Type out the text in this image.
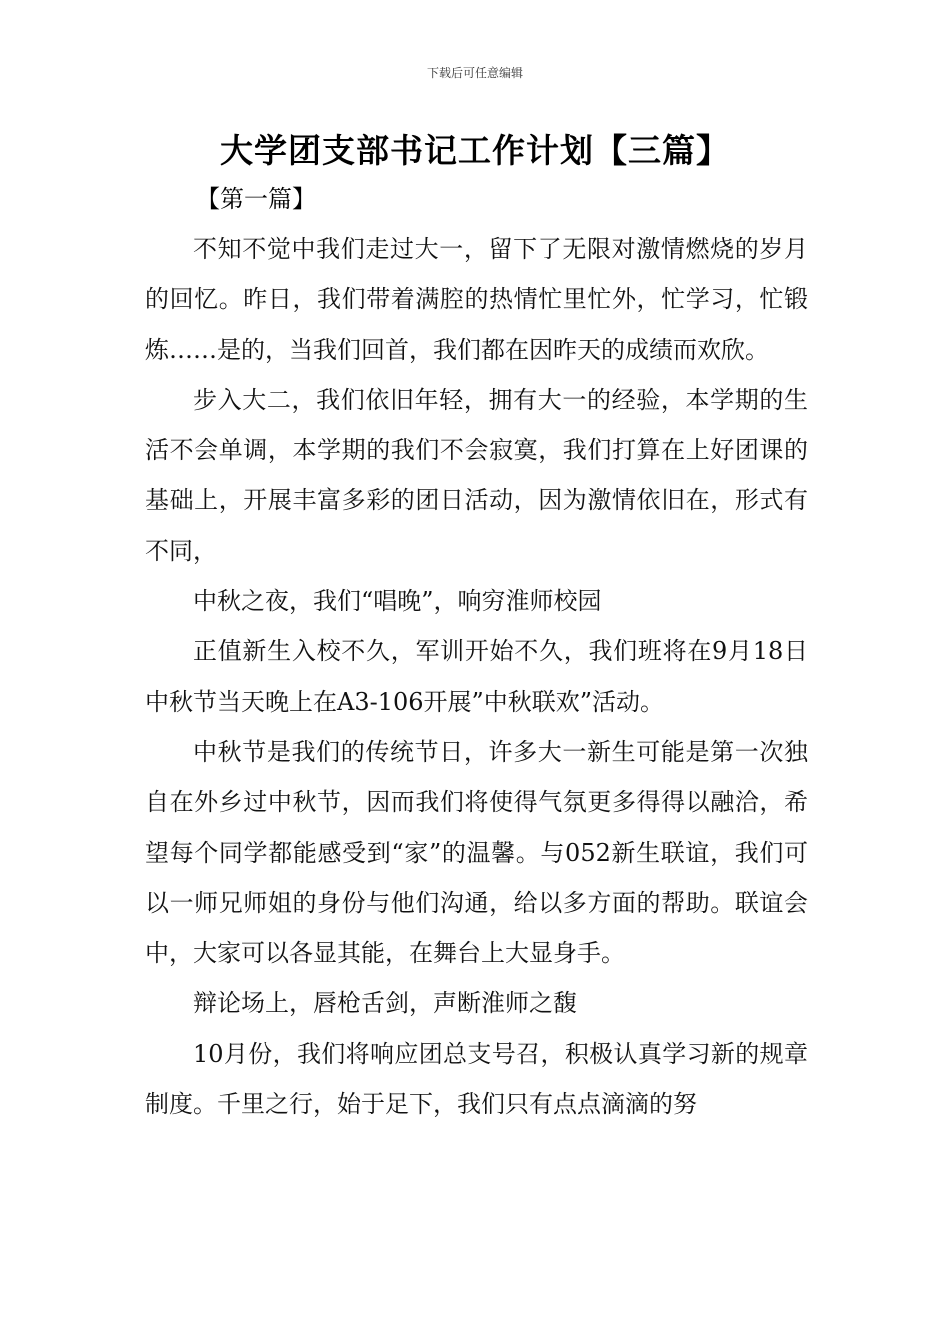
下载后可任意编辑
大学团支部书记工作计划【三篇】
【第一篇】

不知不觉中我们走过大一，留下了无限对激情燃烧的岁月的回忆。昨日，我们带着满腔的热情忙里忙外，忙学习，忙锻炼……是的，当我们回首，我们都在因昨天的成绩而欢欣。

步入大二，我们依旧年轻，拥有大一的经验，本学期的生活不会单调，本学期的我们不会寂寞，我们打算在上好团课的基础上，开展丰富多彩的团日活动，因为激情依旧在，形式有不同，

中秋之夜，我们“唱晚”，响穷淮师校园

正值新生入校不久，军训开始不久，我们班将在9月18日中秋节当天晚上在A3-106开展”中秋联欢”活动。

中秋节是我们的传统节日，许多大一新生可能是第一次独自在外乡过中秋节，因而我们将使得气氛更多得得以融洽，希望每个同学都能感受到“家”的温馨。与052新生联谊，我们可以一师兄师姐的身份与他们沟通，给以多方面的帮助。联谊会中，大家可以各显其能，在舞台上大显身手。

辩论场上，唇枪舌剑，声断淮师之馥

10月份，我们将响应团总支号召，积极认真学习新的规章制度。千里之行，始于足下，我们只有点点滴滴的努
